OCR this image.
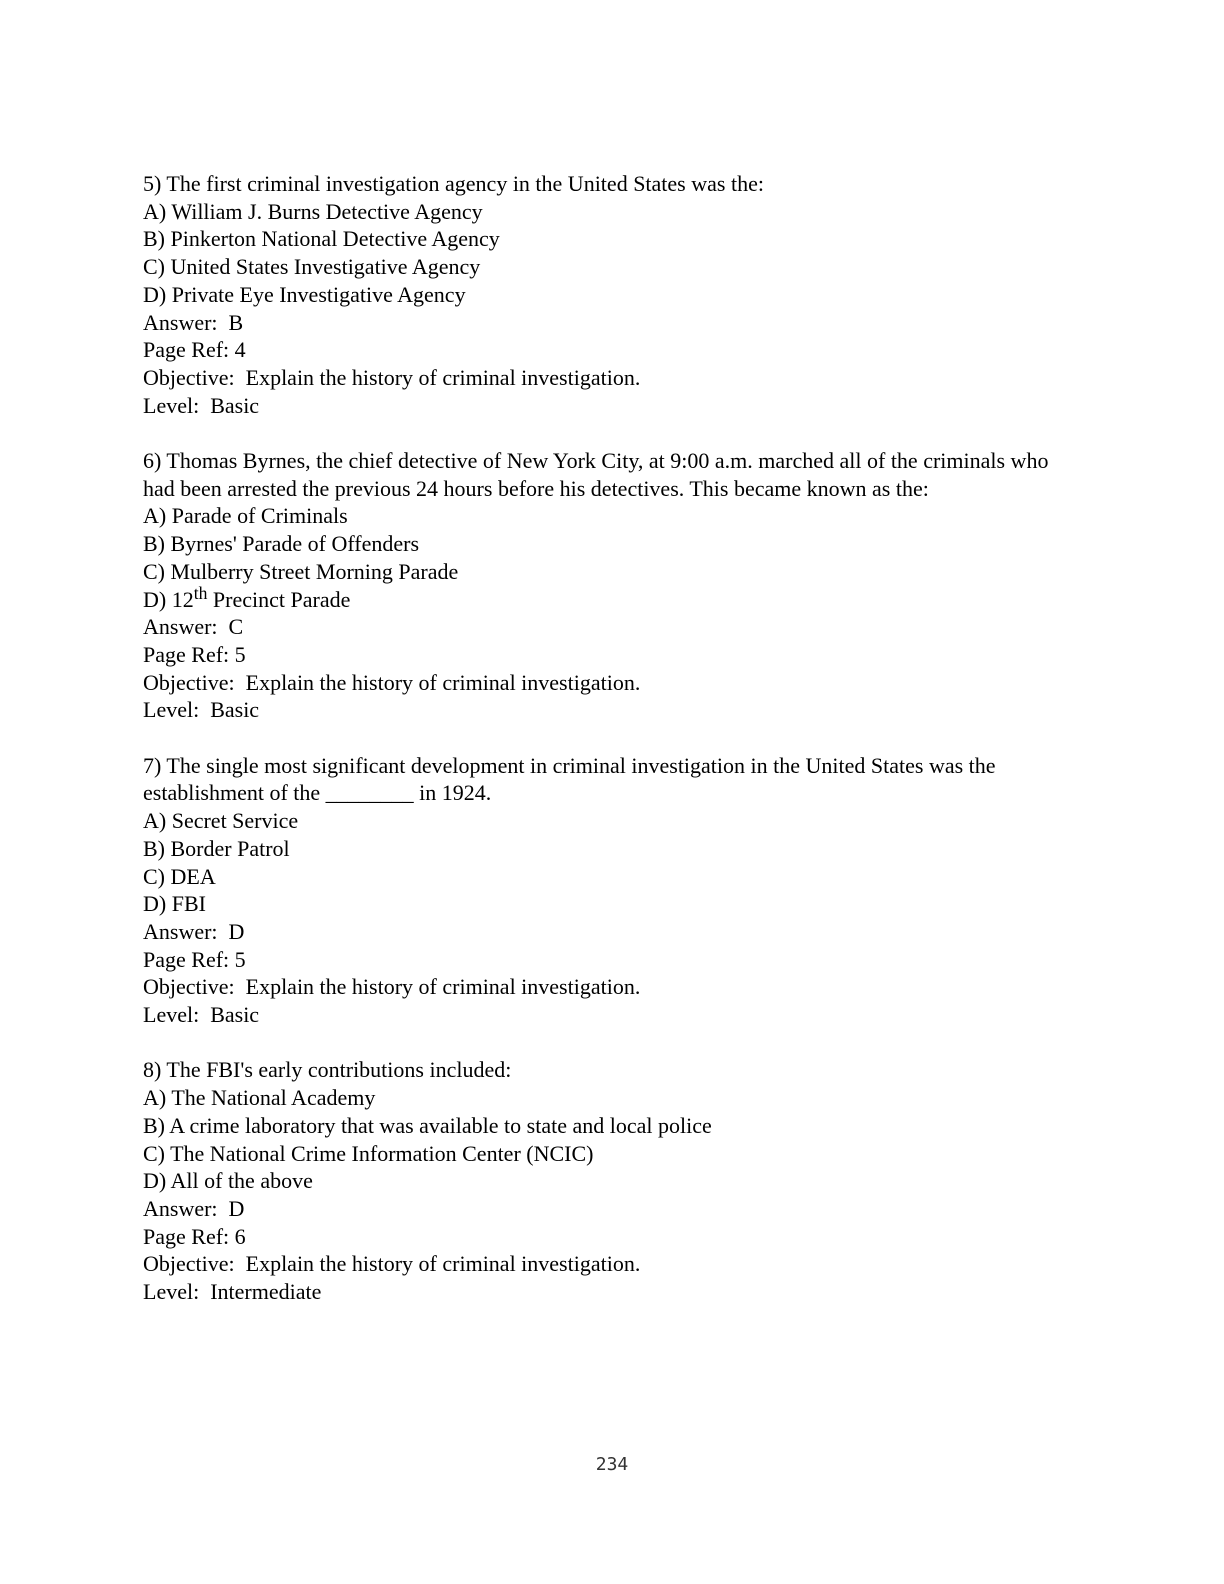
5) The first criminal investigation agency in the United States was the:
A) William J. Burns Detective Agency
B) Pinkerton National Detective Agency
C) United States Investigative Agency
D) Private Eye Investigative Agency
Answer:  B
Page Ref: 4
Objective:  Explain the history of criminal investigation.
Level:  Basic
6) Thomas Byrnes, the chief detective of New York City, at 9:00 a.m. marched all of the criminals who had been arrested the previous 24 hours before his detectives. This became known as the:
A) Parade of Criminals
B) Byrnes' Parade of Offenders
C) Mulberry Street Morning Parade
D) 12th Precinct Parade
Answer:  C
Page Ref: 5
Objective:  Explain the history of criminal investigation.
Level:  Basic
7) The single most significant development in criminal investigation in the United States was the establishment of the ________ in 1924.
A) Secret Service
B) Border Patrol
C) DEA
D) FBI
Answer:  D
Page Ref: 5
Objective:  Explain the history of criminal investigation.
Level:  Basic
8) The FBI's early contributions included:
A) The National Academy
B) A crime laboratory that was available to state and local police
C) The National Crime Information Center (NCIC)
D) All of the above
Answer:  D
Page Ref: 6
Objective:  Explain the history of criminal investigation.
Level:  Intermediate
234
